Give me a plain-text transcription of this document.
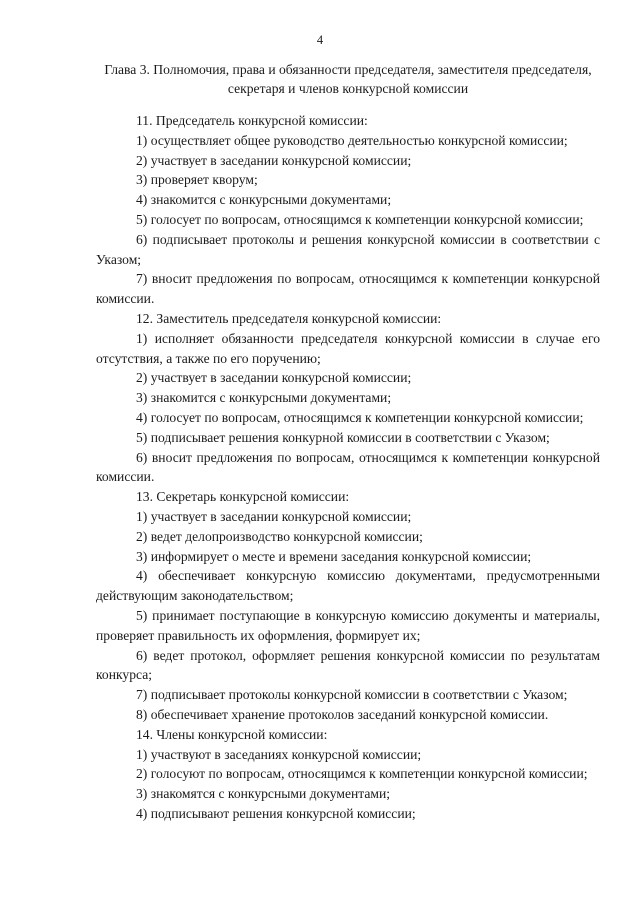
4
Глава 3. Полномочия, права и обязанности председателя, заместителя председателя, секретаря и членов конкурсной комиссии

11. Председатель конкурсной комиссии:

1) осуществляет общее руководство деятельностью конкурсной комиссии;

2) участвует в заседании конкурсной комиссии;

3) проверяет кворум;

4) знакомится с конкурсными документами;

5) голосует по вопросам, относящимся к компетенции конкурсной комиссии;

6) подписывает протоколы и решения конкурсной комиссии в соответствии с Указом;

7) вносит предложения по вопросам, относящимся к компетенции конкурсной комиссии.

12. Заместитель председателя конкурсной комиссии:

1) исполняет обязанности председателя конкурсной комиссии в случае его отсутствия, а также по его поручению;

2) участвует в заседании конкурсной комиссии;

3) знакомится с конкурсными документами;

4) голосует по вопросам, относящимся к компетенции конкурсной комиссии;

5) подписывает решения конкурной комиссии в соответствии с Указом;

6) вносит предложения по вопросам, относящимся к компетенции конкурсной комиссии.

13. Секретарь конкурсной комиссии:

1) участвует в заседании конкурсной комиссии;

2) ведет делопроизводство конкурсной комиссии;

3) информирует о месте и времени заседания конкурсной комиссии;

4) обеспечивает конкурсную комиссию документами, предусмотренными действующим законодательством;

5) принимает поступающие в конкурсную комиссию документы и материалы, проверяет правильность их оформления, формирует их;

6) ведет протокол, оформляет решения конкурсной комиссии по результатам конкурса;

7) подписывает протоколы конкурсной комиссии в соответствии с Указом;

8) обеспечивает хранение протоколов заседаний конкурсной комиссии.

14. Члены конкурсной комиссии:

1) участвуют в заседаниях конкурсной комиссии;

2) голосуют по вопросам, относящимся к компетенции конкурсной комиссии;

3) знакомятся с конкурсными документами;

4) подписывают решения конкурсной комиссии;
